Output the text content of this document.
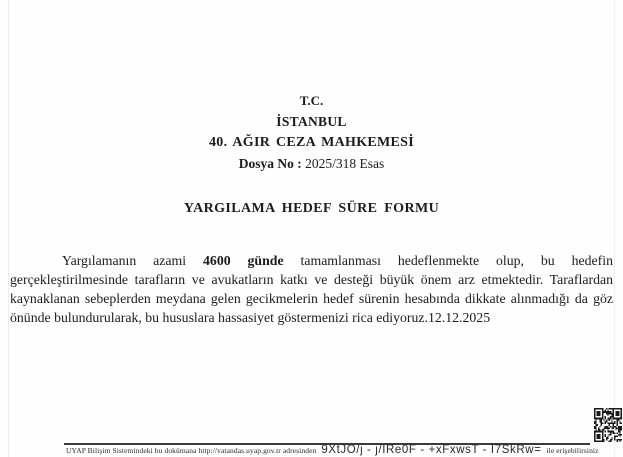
T.C.
İSTANBUL
40. AĞIR CEZA MAHKEMESİ
Dosya No : 2025/318 Esas
YARGILAMA HEDEF SÜRE FORMU

Yargılamanın azami 4600 günde tamamlanması hedeflenmekte olup, bu hedefin gerçekleştirilmesinde tarafların ve avukatların katkı ve desteği büyük önem arz etmektedir. Taraflardan kaynaklanan sebeplerden meydana gelen gecikmelerin hedef sürenin hesabında dikkate alınmadığı da göz önünde bulundurularak, bu hususlara hassasiyet göstermenizi rica ediyoruz.12.12.2025

UYAP Bilişim Sistemindeki bu dokümana http://vatandas.uyap.gov.tr adresinden 9XtJO/j - j/IRe0F - +xFxwsT - I7SkRw= ile erişebilirsiniz
